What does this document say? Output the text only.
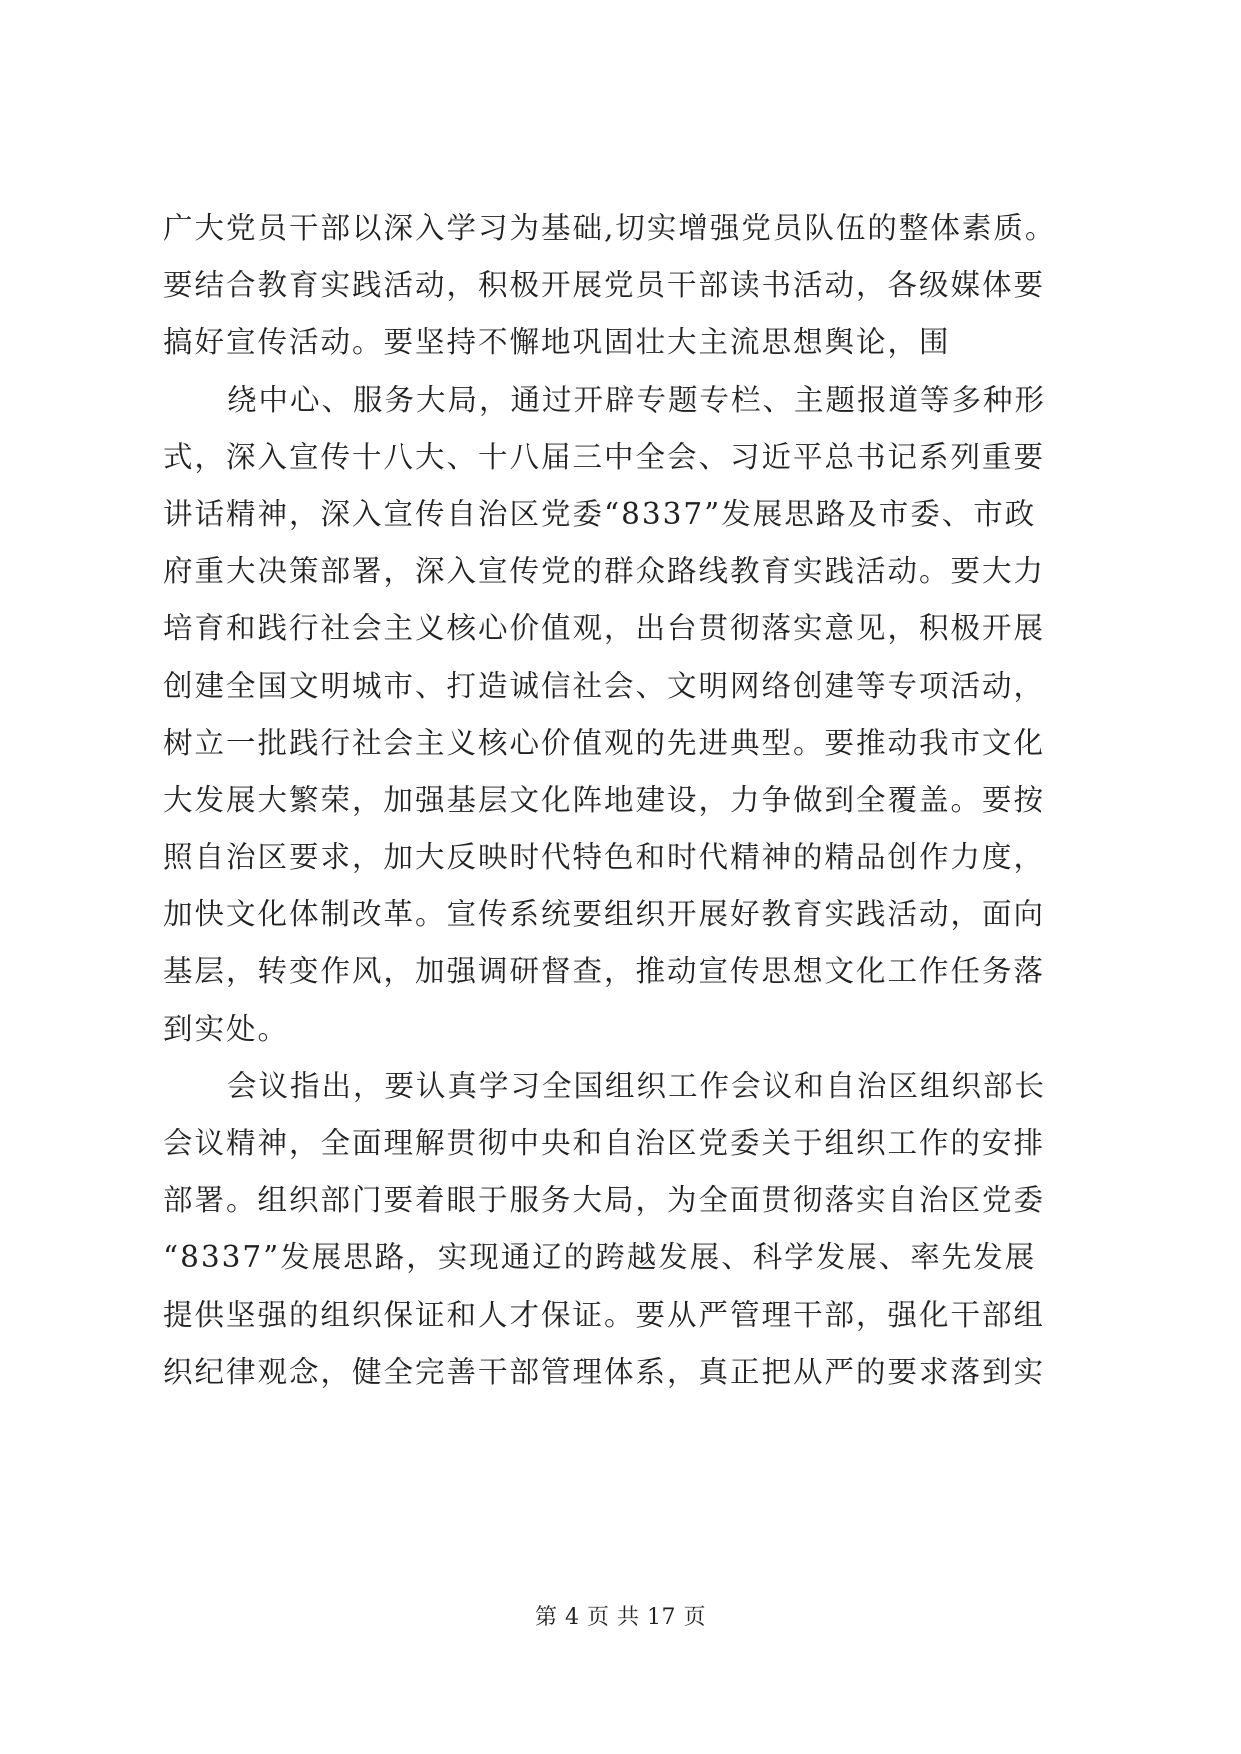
广大党员干部以深入学习为基础,切实增强党员队伍的整体素质。
要结合教育实践活动，积极开展党员干部读书活动，各级媒体要
搞好宣传活动。要坚持不懈地巩固壮大主流思想舆论，围
绕中心、服务大局，通过开辟专题专栏、主题报道等多种形
式，深入宣传十八大、十八届三中全会、习近平总书记系列重要
讲话精神，深入宣传自治区党委“8337”发展思路及市委、市政
府重大决策部署，深入宣传党的群众路线教育实践活动。要大力
培育和践行社会主义核心价值观，出台贯彻落实意见，积极开展
创建全国文明城市、打造诚信社会、文明网络创建等专项活动，
树立一批践行社会主义核心价值观的先进典型。要推动我市文化
大发展大繁荣，加强基层文化阵地建设，力争做到全覆盖。要按
照自治区要求，加大反映时代特色和时代精神的精品创作力度，
加快文化体制改革。宣传系统要组织开展好教育实践活动，面向
基层，转变作风，加强调研督查，推动宣传思想文化工作任务落
到实处。
会议指出，要认真学习全国组织工作会议和自治区组织部长
会议精神，全面理解贯彻中央和自治区党委关于组织工作的安排
部署。组织部门要着眼于服务大局，为全面贯彻落实自治区党委
“8337”发展思路，实现通辽的跨越发展、科学发展、率先发展
提供坚强的组织保证和人才保证。要从严管理干部，强化干部组
织纪律观念，健全完善干部管理体系，真正把从严的要求落到实
第 4 页 共 17 页
